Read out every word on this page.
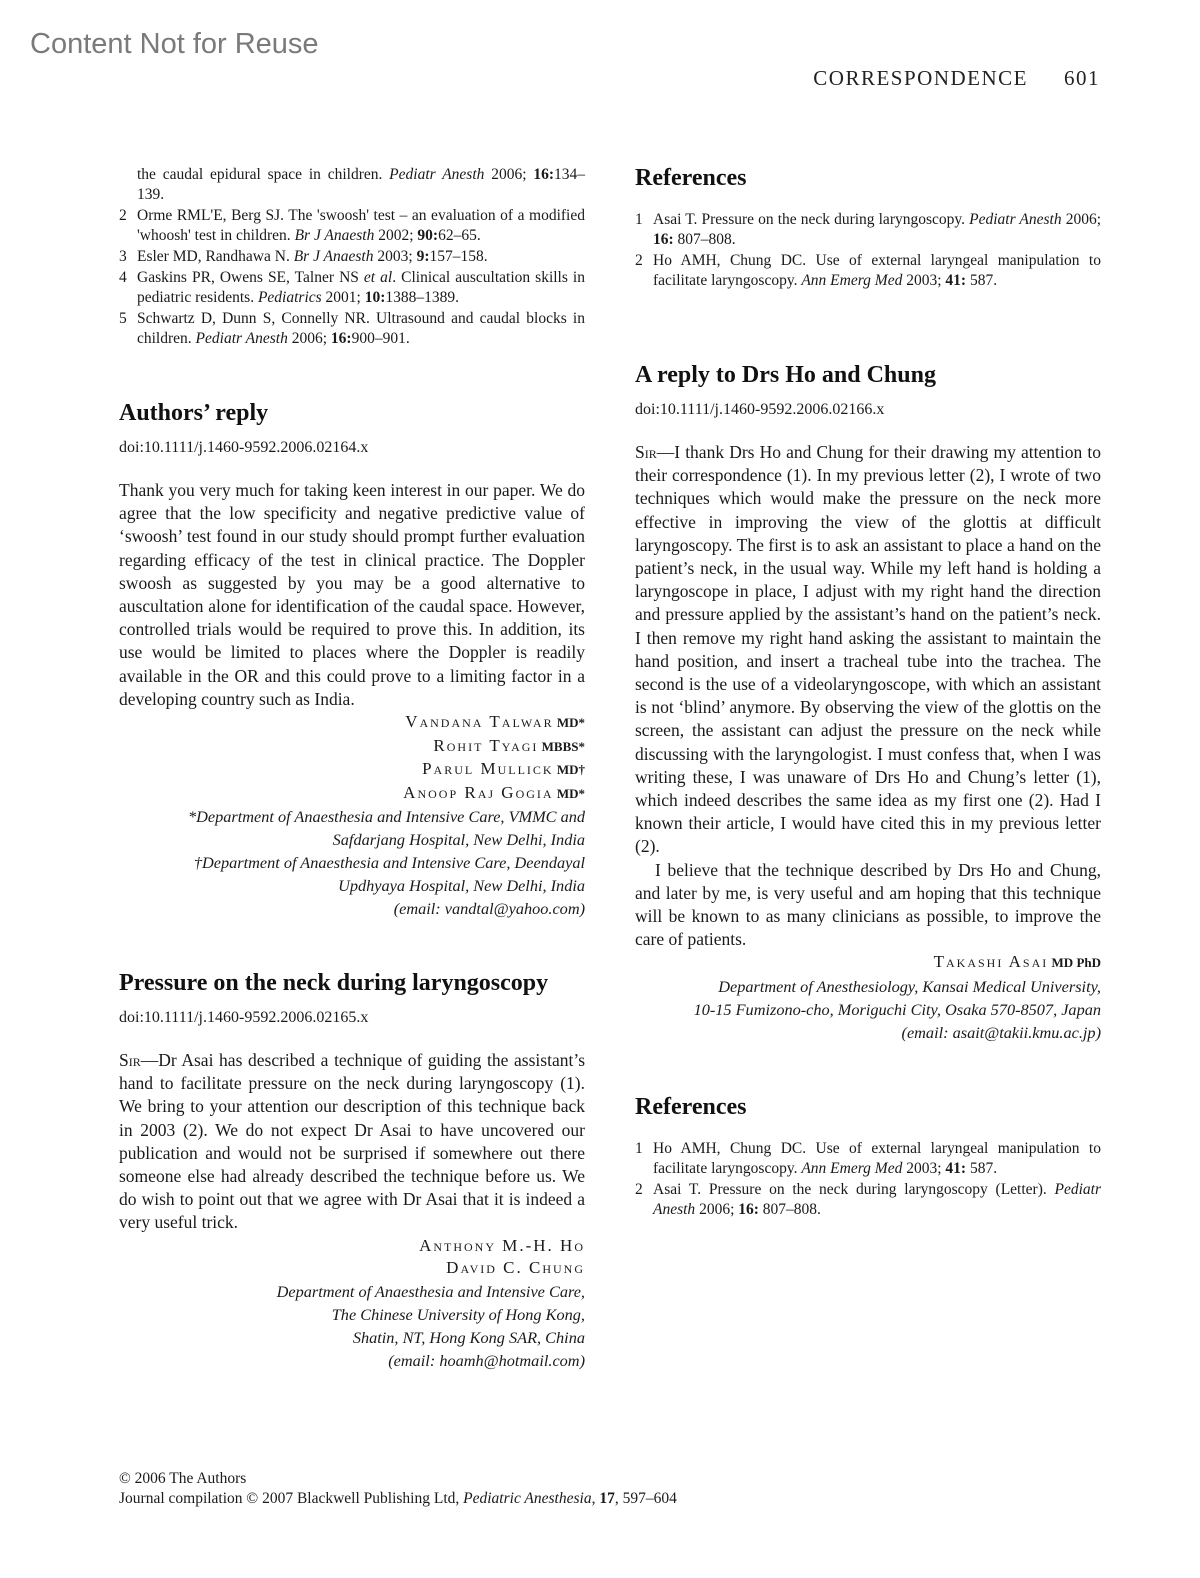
Content Not for Reuse
CORRESPONDENCE 601
the caudal epidural space in children. Pediatr Anesth 2006; 16:134–139.
2 Orme RML'E, Berg SJ. The 'swoosh' test – an evaluation of a modified 'whoosh' test in children. Br J Anaesth 2002; 90:62–65.
3 Esler MD, Randhawa N. Br J Anaesth 2003; 9:157–158.
4 Gaskins PR, Owens SE, Talner NS et al. Clinical auscultation skills in pediatric residents. Pediatrics 2001; 10:1388–1389.
5 Schwartz D, Dunn S, Connelly NR. Ultrasound and caudal blocks in children. Pediatr Anesth 2006; 16:900–901.
Authors’ reply
doi:10.1111/j.1460-9592.2006.02164.x

Thank you very much for taking keen interest in our paper. We do agree that the low specificity and negative predictive value of ‘swoosh’ test found in our study should prompt further evaluation regarding efficacy of the test in clinical practice. The Doppler swoosh as suggested by you may be a good alternative to auscultation alone for identification of the caudal space. However, controlled trials would be required to prove this. In addition, its use would be limited to places where the Doppler is readily available in the OR and this could prove to a limiting factor in a developing country such as India.

Vandana Talwar MD*
Rohit Tyagi MBBS*
Parul Mullick MD†
Anoop Raj Gogia MD*
*Department of Anaesthesia and Intensive Care, VMMC and
Safdarjang Hospital, New Delhi, India
†Department of Anaesthesia and Intensive Care, Deendayal
Updhyaya Hospital, New Delhi, India
(email: vandtal@yahoo.com)
Pressure on the neck during laryngoscopy
doi:10.1111/j.1460-9592.2006.02165.x

Sir—Dr Asai has described a technique of guiding the assistant’s hand to facilitate pressure on the neck during laryngoscopy (1). We bring to your attention our description of this technique back in 2003 (2). We do not expect Dr Asai to have uncovered our publication and would not be surprised if somewhere out there someone else had already described the technique before us. We do wish to point out that we agree with Dr Asai that it is indeed a very useful trick.

Anthony M.-H. Ho
David C. Chung
Department of Anaesthesia and Intensive Care,
The Chinese University of Hong Kong,
Shatin, NT, Hong Kong SAR, China
(email: hoamh@hotmail.com)
References
1 Asai T. Pressure on the neck during laryngoscopy. Pediatr Anesth 2006; 16: 807–808.
2 Ho AMH, Chung DC. Use of external laryngeal manipulation to facilitate laryngoscopy. Ann Emerg Med 2003; 41: 587.
A reply to Drs Ho and Chung
doi:10.1111/j.1460-9592.2006.02166.x

Sir—I thank Drs Ho and Chung for their drawing my attention to their correspondence (1). In my previous letter (2), I wrote of two techniques which would make the pressure on the neck more effective in improving the view of the glottis at difficult laryngoscopy. The first is to ask an assistant to place a hand on the patient’s neck, in the usual way. While my left hand is holding a laryngoscope in place, I adjust with my right hand the direction and pressure applied by the assistant’s hand on the patient’s neck. I then remove my right hand asking the assistant to maintain the hand position, and insert a tracheal tube into the trachea. The second is the use of a videolaryngoscope, with which an assistant is not ‘blind’ anymore. By observing the view of the glottis on the screen, the assistant can adjust the pressure on the neck while discussing with the laryngologist. I must confess that, when I was writing these, I was unaware of Drs Ho and Chung’s letter (1), which indeed describes the same idea as my first one (2). Had I known their article, I would have cited this in my previous letter (2).

I believe that the technique described by Drs Ho and Chung, and later by me, is very useful and am hoping that this technique will be known to as many clinicians as possible, to improve the care of patients.

Takashi Asai MD PhD
Department of Anesthesiology, Kansai Medical University,
10-15 Fumizono-cho, Moriguchi City, Osaka 570-8507, Japan
(email: asait@takii.kmu.ac.jp)
References
1 Ho AMH, Chung DC. Use of external laryngeal manipulation to facilitate laryngoscopy. Ann Emerg Med 2003; 41: 587.
2 Asai T. Pressure on the neck during laryngoscopy (Letter). Pediatr Anesth 2006; 16: 807–808.
© 2006 The Authors
Journal compilation © 2007 Blackwell Publishing Ltd, Pediatric Anesthesia, 17, 597–604
